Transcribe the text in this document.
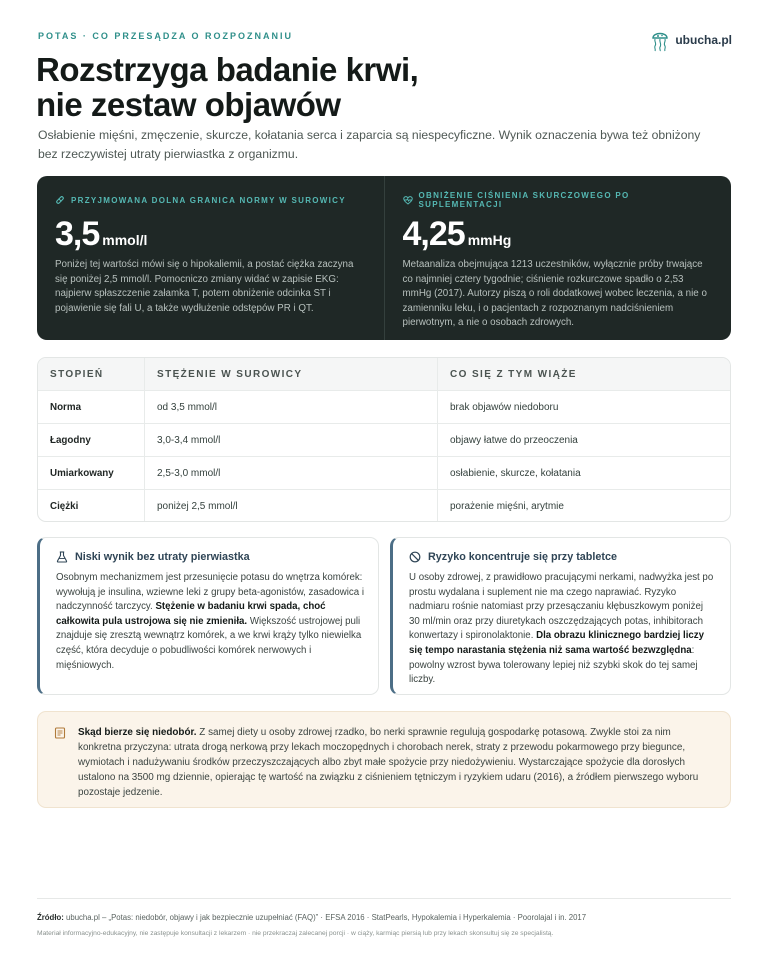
POTAS · CO PRZESĄDZA O ROZPOZNANIU	ubucha.pl
Rozstrzyga badanie krwi,
nie zestaw objawów

Osłabienie mięśni, zmęczenie, skurcze, kołatania serca i zaparcia są niespecyficzne. Wynik oznaczenia bywa też obniżony bez rzeczywistej utraty pierwiastka z organizmu.

PRZYJMOWANA DOLNA GRANICA NORMY W SUROWICY
3,5 mmol/l

Poniżej tej wartości mówi się o hipokaliemii, a postać ciężka zaczyna się poniżej 2,5 mmol/l. Pomocniczo zmiany widać w zapisie EKG: najpierw spłaszczenie załamka T, potem obniżenie odcinka ST i pojawienie się fali U, a także wydłużenie odstępów PR i QT.

OBNIŻENIE CIŚNIENIA SKURCZOWEGO PO SUPLEMENTACJI
4,25 mmHg

Metaanaliza obejmująca 1213 uczestników, wyłącznie próby trwające co najmniej cztery tygodnie; ciśnienie rozkurczowe spadło o 2,53 mmHg (2017). Autorzy piszą o roli dodatkowej wobec leczenia, a nie o zamienniku leku, i o pacjentach z rozpoznanym nadciśnieniem pierwotnym, a nie o osobach zdrowych.

STOPIEŃ	STĘŻENIE W SUROWICY	CO SIĘ Z TYM WIĄŻE
Norma	od 3,5 mmol/l	brak objawów niedoboru
Łagodny	3,0-3,4 mmol/l	objawy łatwe do przeoczenia
Umiarkowany	2,5-3,0 mmol/l	osłabienie, skurcze, kołatania
Ciężki	poniżej 2,5 mmol/l	porażenie mięśni, arytmie
Niski wynik bez utraty pierwiastka

Osobnym mechanizmem jest przesunięcie potasu do wnętrza komórek: wywołują je insulina, wziewne leki z grupy beta-agonistów, zasadowica i nadczynność tarczycy. Stężenie w badaniu krwi spada, choć całkowita pula ustrojowa się nie zmieniła. Większość ustrojowej puli znajduje się zresztą wewnątrz komórek, a we krwi krąży tylko niewielka część, która decyduje o pobudliwości komórek nerwowych i mięśniowych.

Ryzyko koncentruje się przy tabletce

U osoby zdrowej, z prawidłowo pracującymi nerkami, nadwyżka jest po prostu wydalana i suplement nie ma czego naprawiać. Ryzyko nadmiaru rośnie natomiast przy przesączaniu kłębuszkowym poniżej 30 ml/min oraz przy diuretykach oszczędzających potas, inhibitorach konwertazy i spironolaktonie. Dla obrazu klinicznego bardziej liczy się tempo narastania stężenia niż sama wartość bezwzględna: powolny wzrost bywa tolerowany lepiej niż szybki skok do tej samej liczby.

Skąd bierze się niedobór. Z samej diety u osoby zdrowej rzadko, bo nerki sprawnie regulują gospodarkę potasową. Zwykle stoi za nim konkretna przyczyna: utrata drogą nerkową przy lekach moczopędnych i chorobach nerek, straty z przewodu pokarmowego przy biegunce, wymiotach i nadużywaniu środków przeczyszczających albo zbyt małe spożycie przy niedożywieniu. Wystarczające spożycie dla dorosłych ustalono na 3500 mg dziennie, opierając tę wartość na związku z ciśnieniem tętniczym i ryzykiem udaru (2016), a źródłem pierwszego wyboru pozostaje jedzenie.

Źródło: ubucha.pl – „Potas: niedobór, objawy i jak bezpiecznie uzupełniać (FAQ)” · EFSA 2016 · StatPearls, Hypokalemia i Hyperkalemia · Poorolajal i in. 2017

Materiał informacyjno-edukacyjny, nie zastępuje konsultacji z lekarzem · nie przekraczaj zalecanej porcji · w ciąży, karmiąc piersią lub przy lekach skonsultuj się ze specjalistą.
